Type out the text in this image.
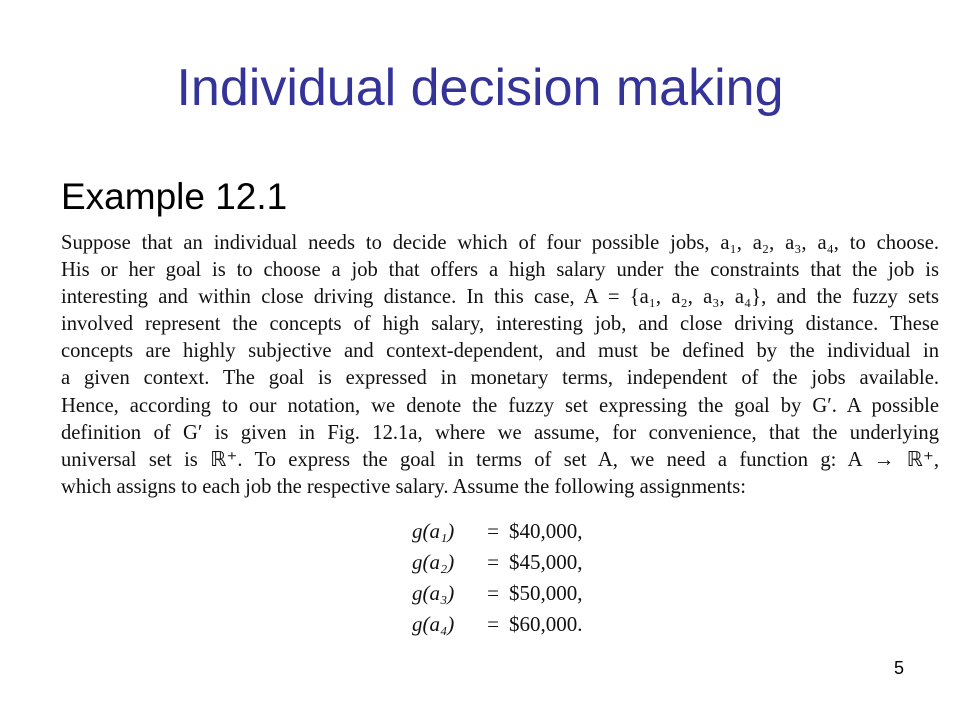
Individual decision making
Example 12.1
Suppose that an individual needs to decide which of four possible jobs, a₁, a₂, a₃, a₄, to choose.
His or her goal is to choose a job that offers a high salary under the constraints that the job is
interesting and within close driving distance. In this case, A = {a₁, a₂, a₃, a₄}, and the fuzzy sets
involved represent the concepts of high salary, interesting job, and close driving distance. These
concepts are highly subjective and context-dependent, and must be defined by the individual in
a given context. The goal is expressed in monetary terms, independent of the jobs available.
Hence, according to our notation, we denote the fuzzy set expressing the goal by G′. A possible
definition of G′ is given in Fig. 12.1a, where we assume, for convenience, that the underlying
universal set is ℝ⁺. To express the goal in terms of set A, we need a function g: A → ℝ⁺,
which assigns to each job the respective salary. Assume the following assignments:
g(a₁)	= $40,000,
g(a₂)	= $45,000,
g(a₃)	= $50,000,
g(a₄)	= $60,000.
5
